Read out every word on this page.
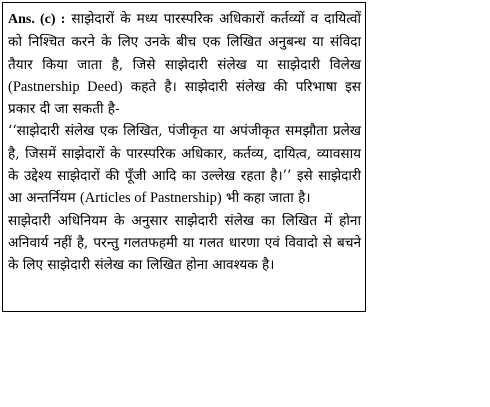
Ans. (c) : साझेदारों के मध्य पारस्परिक अधिकारों कर्तव्यों व दायित्वों को निश्चित करने के लिए उनके बीच एक लिखित अनुबन्ध या संविदा तैयार किया जाता है, जिसे साझेदारी संलेख या साझेदारी विलेख (Pastnership Deed) कहते है। साझेदारी संलेख की परिभाषा इस प्रकार दी जा सकती है-

‘‘साझेदारी संलेख एक लिखित, पंजीकृत या अपंजीकृत समझौता प्रलेख है, जिसमें साझेदारों के पारस्परिक अधिकार, कर्तव्य, दायित्व, व्यावसाय के उद्देश्य साझेदारों की पूँजी आदि का उल्लेख रहता है।’’ इसे साझेदारी आ अन्तर्नियम (Articles of Pastnership) भी कहा जाता है।

साझेदारी अधिनियम के अनुसार साझेदारी संलेख का लिखित में होना अनिवार्य नहीं है, परन्तु गलतफहमी या गलत धारणा एवं विवादो से बचने के लिए साझेदारी संलेख का लिखित होना आवश्यक है।
